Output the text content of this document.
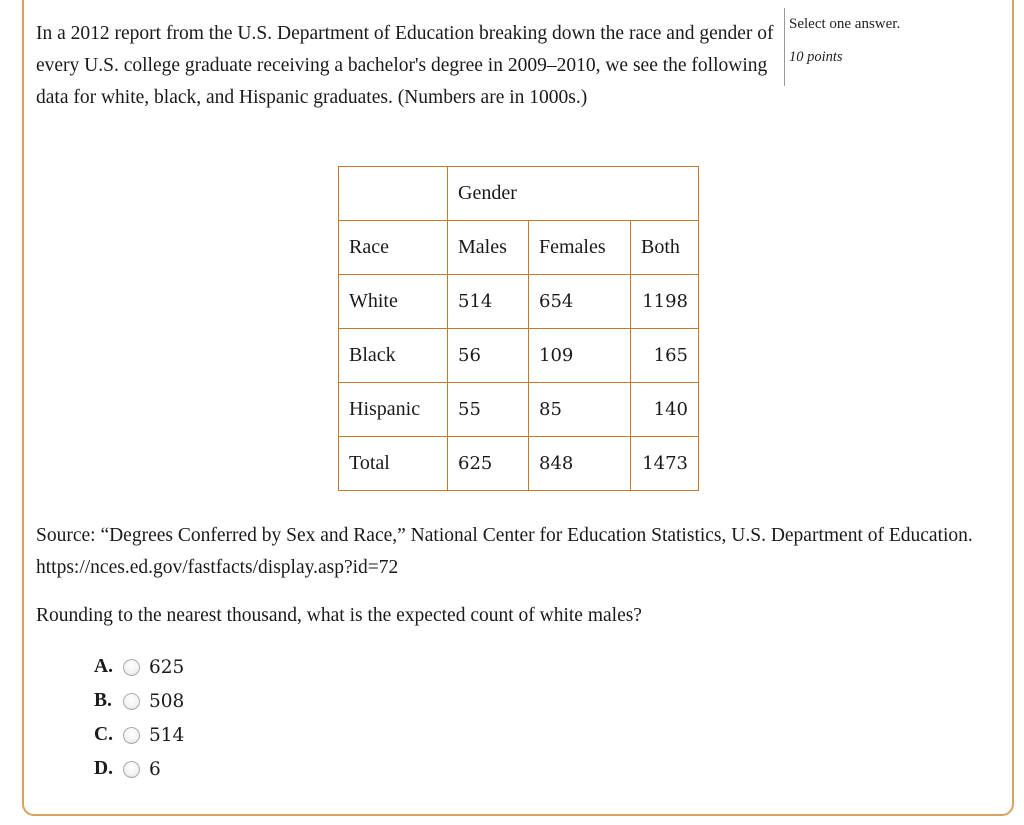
In a 2012 report from the U.S. Department of Education breaking down the race and gender of every U.S. college graduate receiving a bachelor's degree in 2009–2010, we see the following data for white, black, and Hispanic graduates. (Numbers are in 1000s.)
Select one answer.
10 points
	Gender		
Race	Males	Females	Both
White	514	654	1198
Black	56	109	165
Hispanic	55	85	140
Total	625	848	1473
Source: “Degrees Conferred by Sex and Race,” National Center for Education Statistics, U.S. Department of Education. https://nces.ed.gov/fastfacts/display.asp?id=72
Rounding to the nearest thousand, what is the expected count of white males?
A. 625
B.	508
C. 514
D. 6
